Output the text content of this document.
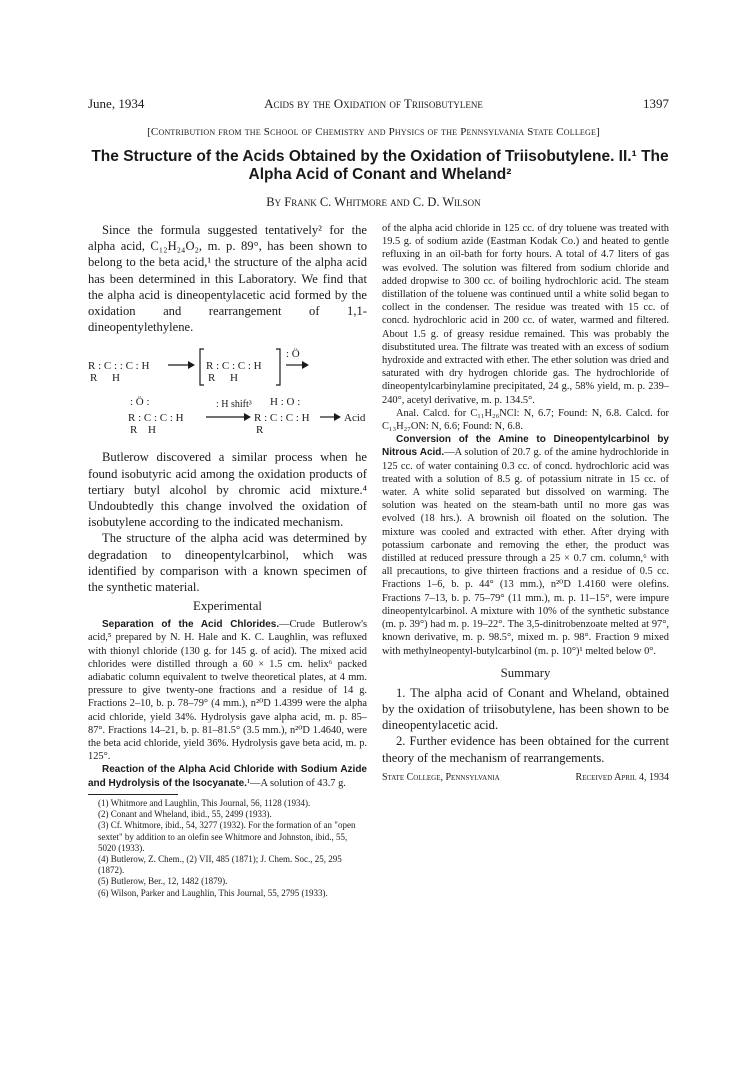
June, 1934	Acids by the Oxidation of Triisobutylene	1397
[Contribution from the School of Chemistry and Physics of the Pennsylvania State College]
The Structure of the Acids Obtained by the Oxidation of Triisobutylene. II.¹ The Alpha Acid of Conant and Wheland²
By Frank C. Whitmore and C. D. Wilson

Since the formula suggested tentatively² for the alpha acid, C₁₂H₂₄O₂, m. p. 89°, has been shown to belong to the beta acid,¹ the structure of the alpha acid has been determined in this Laboratory. We find that the alpha acid is dineopentylacetic acid formed by the oxidation and rearrangement of 1,1-dineopentylethylene.

R : C : : C : H
R H
R : C : C : H
R H
: Ö
: Ö :	: H shift³ H : O :
R : C : C : H
R H
R : C : C : H
R
Acid

Butlerow discovered a similar process when he found isobutyric acid among the oxidation products of tertiary butyl alcohol by chromic acid mixture.⁴ Undoubtedly this change involved the oxidation of isobutylene according to the indicated mechanism.

The structure of the alpha acid was determined by degradation to dineopentylcarbinol, which was identified by comparison with a known specimen of the synthetic material.

Experimental

Separation of the Acid Chlorides.—Crude Butlerow's acid,⁵ prepared by N. H. Hale and K. C. Laughlin, was refluxed with thionyl chloride (130 g. for 145 g. of acid). The mixed acid chlorides were distilled through a 60 × 1.5 cm. helix⁶ packed adiabatic column equivalent to twelve theoretical plates, at 4 mm. pressure to give twenty-one fractions and a residue of 14 g. Fractions 2–10, b. p. 78–79° (4 mm.), n²⁰D 1.4399 were the alpha acid chloride, yield 34%. Hydrolysis gave alpha acid, m. p. 85–87°. Fractions 14–21, b. p. 81–81.5° (3.5 mm.), n²⁰D 1.4640, were the beta acid chloride, yield 36%. Hydrolysis gave beta acid, m. p. 125°.

Reaction of the Alpha Acid Chloride with Sodium Azide and Hydrolysis of the Isocyanate.¹—A solution of 43.7 g.

(1) Whitmore and Laughlin, This Journal, 56, 1128 (1934).

(2) Conant and Wheland, ibid., 55, 2499 (1933).

(3) Cf. Whitmore, ibid., 54, 3277 (1932). For the formation of an "open sextet" by addition to an olefin see Whitmore and Johnston, ibid., 55, 5020 (1933).

(4) Butlerow, Z. Chem., (2) VII, 485 (1871); J. Chem. Soc., 25, 295 (1872).

(5) Butlerow, Ber., 12, 1482 (1879).

(6) Wilson, Parker and Laughlin, This Journal, 55, 2795 (1933).

of the alpha acid chloride in 125 cc. of dry toluene was treated with 19.5 g. of sodium azide (Eastman Kodak Co.) and heated to gentle refluxing in an oil-bath for forty hours. A total of 4.7 liters of gas was evolved. The solution was filtered from sodium chloride and added dropwise to 300 cc. of boiling hydrochloric acid. The steam distillation of the toluene was continued until a white solid began to collect in the condenser. The residue was treated with 15 cc. of concd. hydrochloric acid in 200 cc. of water, warmed and filtered. About 1.5 g. of greasy residue remained. This was probably the disubstituted urea. The filtrate was treated with an excess of sodium hydroxide and extracted with ether. The ether solution was dried and saturated with dry hydrogen chloride gas. The hydrochloride of dineopentylcarbinylamine precipitated, 24 g., 58% yield, m. p. 239–240°, acetyl derivative, m. p. 134.5°.

Anal. Calcd. for C₁₁H₂₆NCl: N, 6.7; Found: N, 6.8. Calcd. for C₁₃H₂₇ON: N, 6.6; Found: N, 6.8.

Conversion of the Amine to Dineopentylcarbinol by Nitrous Acid.—A solution of 20.7 g. of the amine hydrochloride in 125 cc. of water containing 0.3 cc. of concd. hydrochloric acid was treated with a solution of 8.5 g. of potassium nitrate in 15 cc. of water. A white solid separated but dissolved on warming. The solution was heated on the steam-bath until no more gas was evolved (18 hrs.). A brownish oil floated on the solution. The mixture was cooled and extracted with ether. After drying with potassium carbonate and removing the ether, the product was distilled at reduced pressure through a 25 × 0.7 cm. column,⁶ with all precautions, to give thirteen fractions and a residue of 0.5 cc. Fractions 1–6, b. p. 44° (13 mm.), n²⁰D 1.4160 were olefins. Fractions 7–13, b. p. 75–79° (11 mm.), m. p. 11–15°, were impure dineopentylcarbinol. A mixture with 10% of the synthetic substance (m. p. 39°) had m. p. 19–22°. The 3,5-dinitrobenzoate melted at 97°, known derivative, m. p. 98.5°, mixed m. p. 98°. Fraction 9 mixed with methylneopentyl-butylcarbinol (m. p. 10°)¹ melted below 0°.

Summary

1. The alpha acid of Conant and Wheland, obtained by the oxidation of triisobutylene, has been shown to be dineopentylacetic acid.

2. Further evidence has been obtained for the current theory of the mechanism of rearrangements.

State College, Pennsylvania	Received April 4, 1934
